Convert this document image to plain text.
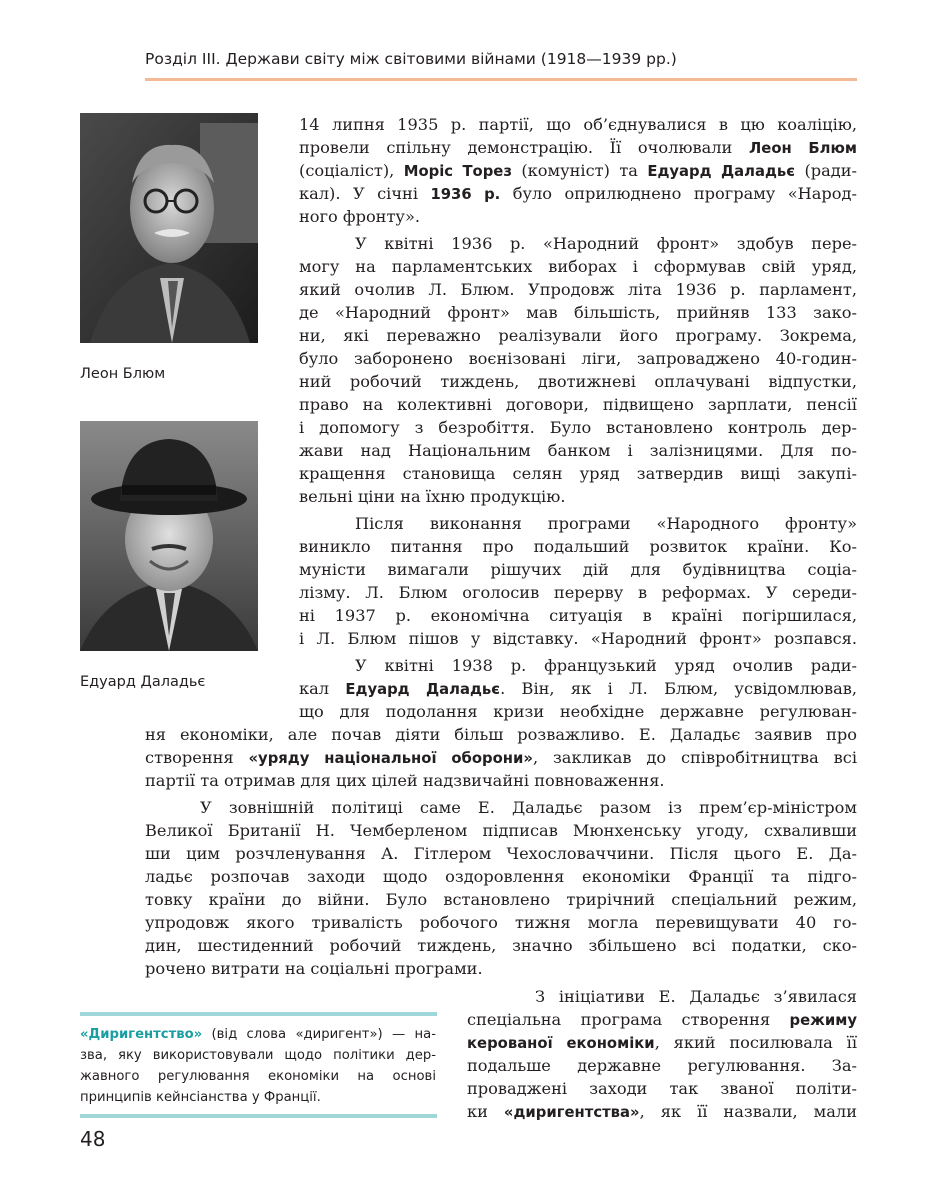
Розділ ІІІ. Держави світу між світовими війнами (1918—1939 рр.)
Леон Блюм
Едуард Даладьє
14 липня 1935 р. партії, що об’єднувалися в цю коаліцію,
провели спільну демонстрацію. Її очолювали Леон Блюм
(соціаліст), Моріс Торез (комуніст) та Едуард Даладьє (ради-
кал). У січні 1936 р. було оприлюднено програму «Народ-
ного фронту».
У квітні 1936 р. «Народний фронт» здобув пере-
могу на парламентських виборах і сформував свій уряд,
який очолив Л. Блюм. Упродовж літа 1936 р. парламент,
де «Народний фронт» мав більшість, прийняв 133 зако-
ни, які переважно реалізували його програму. Зокрема,
було заборонено воєнізовані ліги, запроваджено 40-годин-
ний робочий тиждень, двотижневі оплачувані відпустки,
право на колективні договори, підвищено зарплати, пенсії
і допомогу з безробіття. Було встановлено контроль дер-
жави над Національним банком і залізницями. Для по-
кращення становища селян уряд затвердив вищі закупі-
вельні ціни на їхню продукцію.
Після виконання програми «Народного фронту»
виникло питання про подальший розвиток країни. Ко-
муністи вимагали рішучих дій для будівництва соціа-
лізму. Л. Блюм оголосив перерву в реформах. У середи-
ні 1937 р. економічна ситуація в країні погіршилася,
і Л. Блюм пішов у відставку. «Народний фронт» розпався.
У квітні 1938 р. французький уряд очолив ради-
кал Едуард Даладьє. Він, як і Л. Блюм, усвідомлював,
що для подолання кризи необхідне державне регулюван-
ня економіки, але почав діяти більш розважливо. Е. Даладьє заявив про
створення «уряду національної оборони», закликав до співробітництва всі
партії та отримав для цих цілей надзвичайні повноваження.
У зовнішній політиці саме Е. Даладьє разом із прем’єр-міністром
Великої Британії Н. Чемберленом підписав Мюнхенську угоду, схваливши
ши цим розчленування А. Гітлером Чехословаччини. Після цього Е. Да-
ладьє розпочав заходи щодо оздоровлення економіки Франції та підго-
товку країни до війни. Було встановлено трирічний спеціальний режим,
упродовж якого тривалість робочого тижня могла перевищувати 40 го-
дин, шестиденний робочий тиждень, значно збільшено всі податки, ско-
рочено витрати на соціальні програми.
З ініціативи Е. Даладьє з’явилася
спеціальна програма створення режиму
керованої економіки, який посилювала її
подальше державне регулювання. За-
проваджені заходи так званої політи-
ки «диригентства», як її назвали, мали
«Диригентство» (від слова «диригент») — на-
зва, яку використовували щодо політики дер-
жавного регулювання економіки на основі
принципів кейнсіанства у Франції.
48
